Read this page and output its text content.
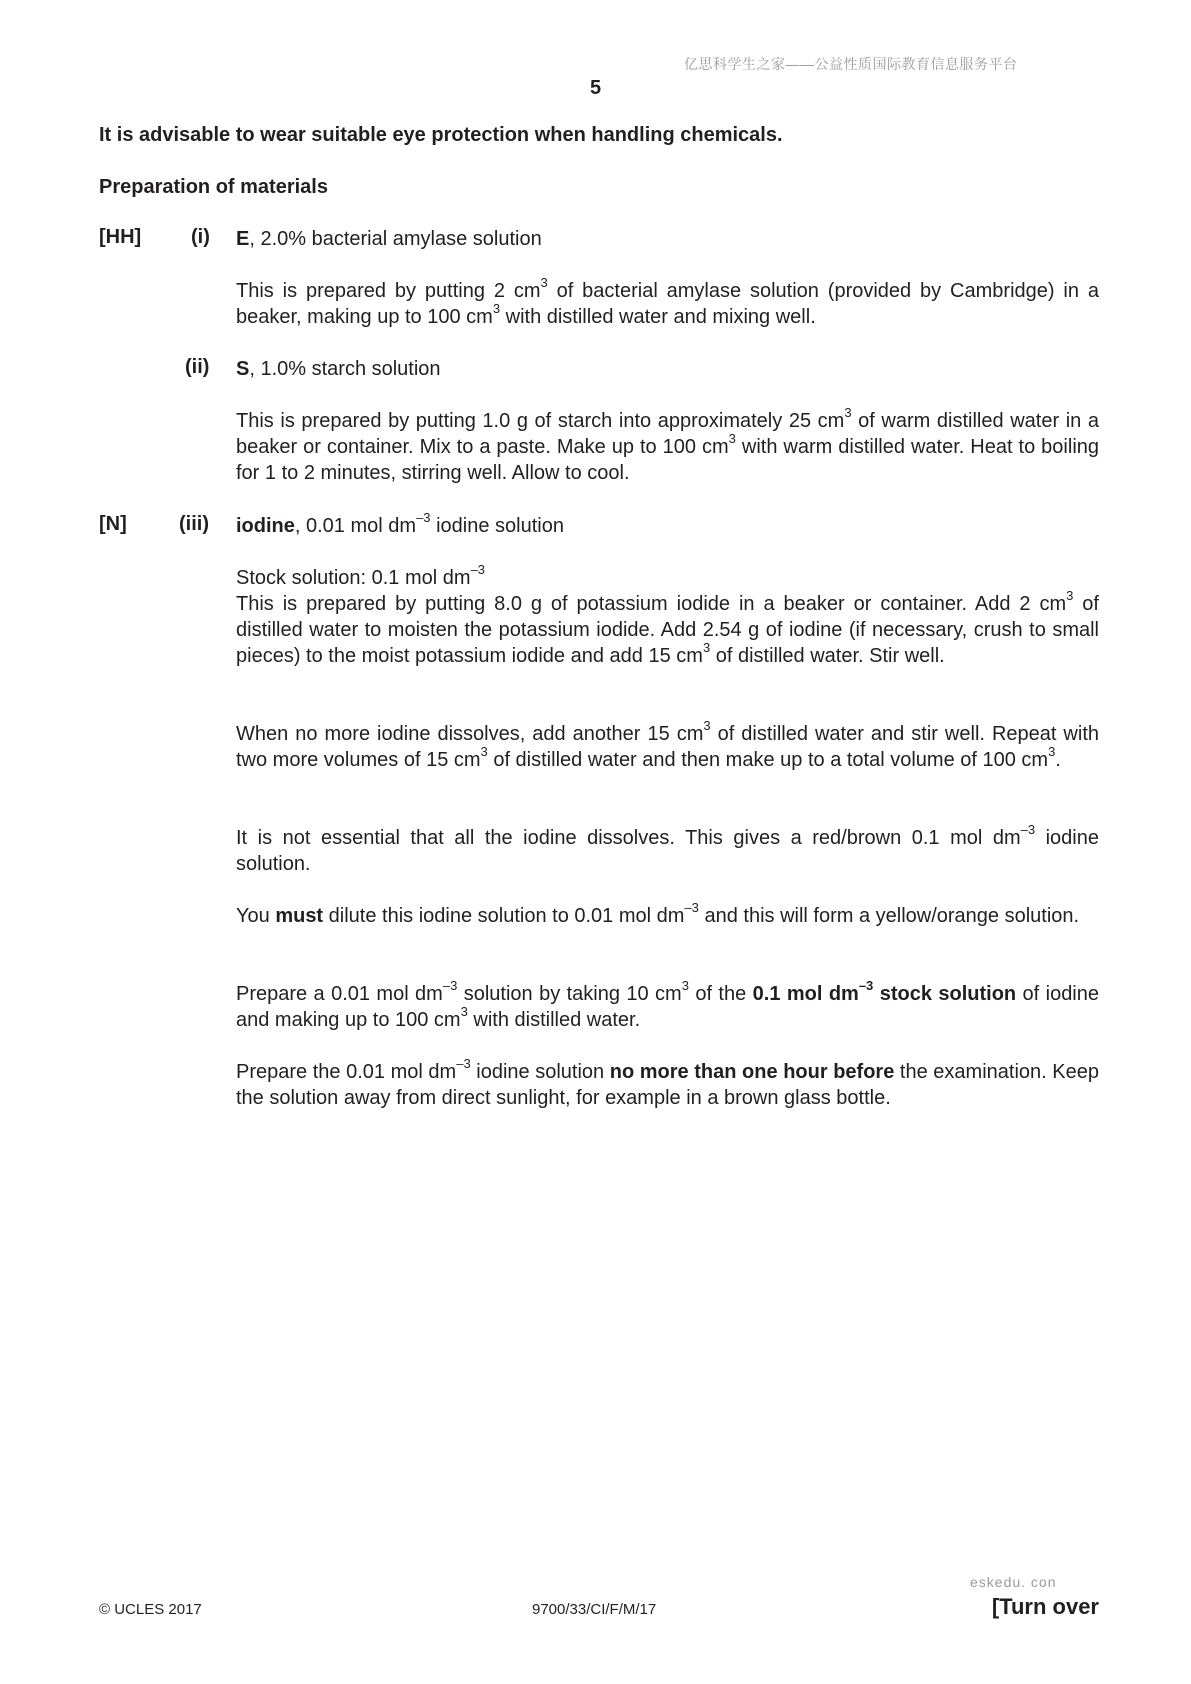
亿思科学生之家——公益性质国际教育信息服务平台
5
It is advisable to wear suitable eye protection when handling chemicals.
Preparation of materials
[HH] (i) E, 2.0% bacterial amylase solution
This is prepared by putting 2 $cm^3$ of bacterial amylase solution (provided by Cambridge) in a beaker, making up to 100 $cm^3$ with distilled water and mixing well.
(ii) S, 1.0% starch solution
This is prepared by putting 1.0 g of starch into approximately 25 $cm^3$ of warm distilled water in a beaker or container. Mix to a paste. Make up to 100 $cm^3$ with warm distilled water. Heat to boiling for 1 to 2 minutes, stirring well. Allow to cool.
[N]	(iii) iodine, 0.01 mol $dm^{-3}$ iodine solution
Stock solution: 0.1 mol $dm^{-3}$
This is prepared by putting 8.0 g of potassium iodide in a beaker or container. Add 2 $cm^3$ of distilled water to moisten the potassium iodide. Add 2.54 g of iodine (if necessary, crush to small pieces) to the moist potassium iodide and add 15 $cm^3$ of distilled water. Stir well.
When no more iodine dissolves, add another 15 $cm^3$ of distilled water and stir well. Repeat with two more volumes of 15 $cm^3$ of distilled water and then make up to a total volume of 100 $cm^3$.
It is not essential that all the iodine dissolves. This gives a red/brown 0.1 mol $dm^{-3}$ iodine solution.
You must dilute this iodine solution to 0.01 mol $dm^{-3}$ and this will form a yellow/orange solution.
Prepare a 0.01 mol $dm^{-3}$ solution by taking 10 $cm^3$ of the 0.1 mol $dm^{-3}$ stock solution of iodine and making up to 100 $cm^3$ with distilled water.
Prepare the 0.01 mol $dm^{-3}$ iodine solution no more than one hour before the examination. Keep the solution away from direct sunlight, for example in a brown glass bottle.
eskedu. con
© UCLES 2017	9700/33/CI/F/M/17	[Turn over
